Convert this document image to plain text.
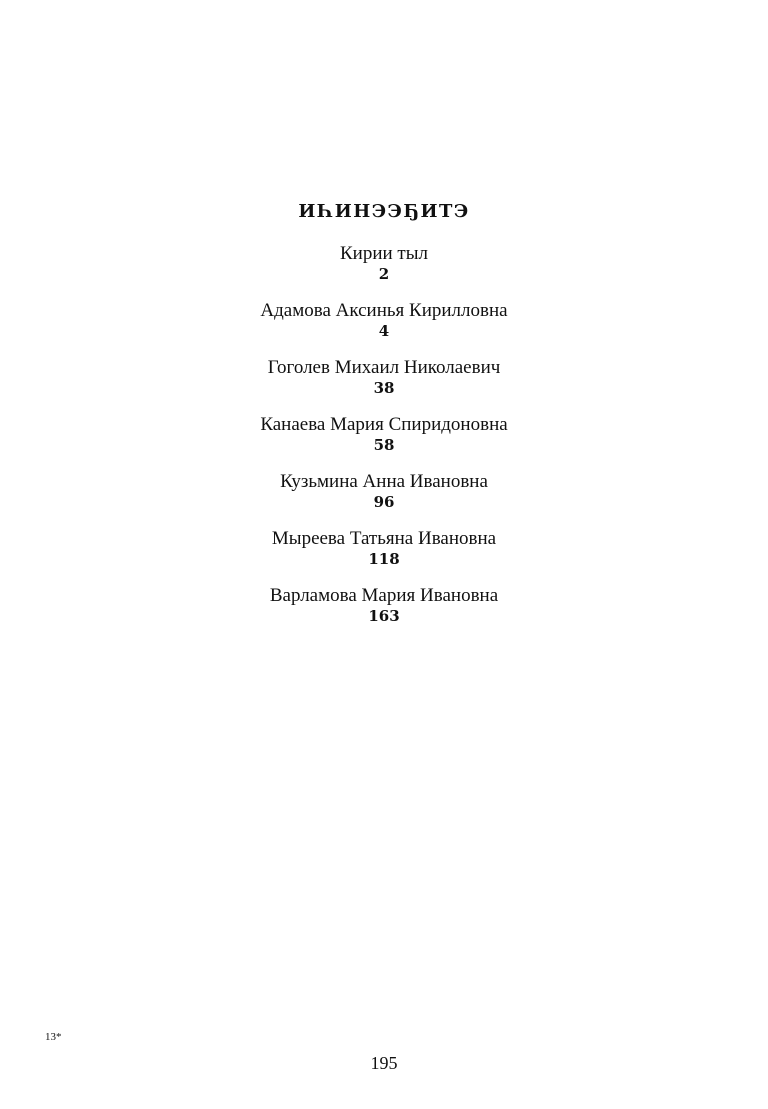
ИҺИНЭЭҔИТЭ
Кирии тыл
2
Адамова Аксинья Кирилловна
4
Гоголев Михаил Николаевич
38
Канаева Мария Спиридоновна
58
Кузьмина Анна Ивановна
96
Мыреева Татьяна Ивановна
118
Варламова Мария Ивановна
163
13*
195
